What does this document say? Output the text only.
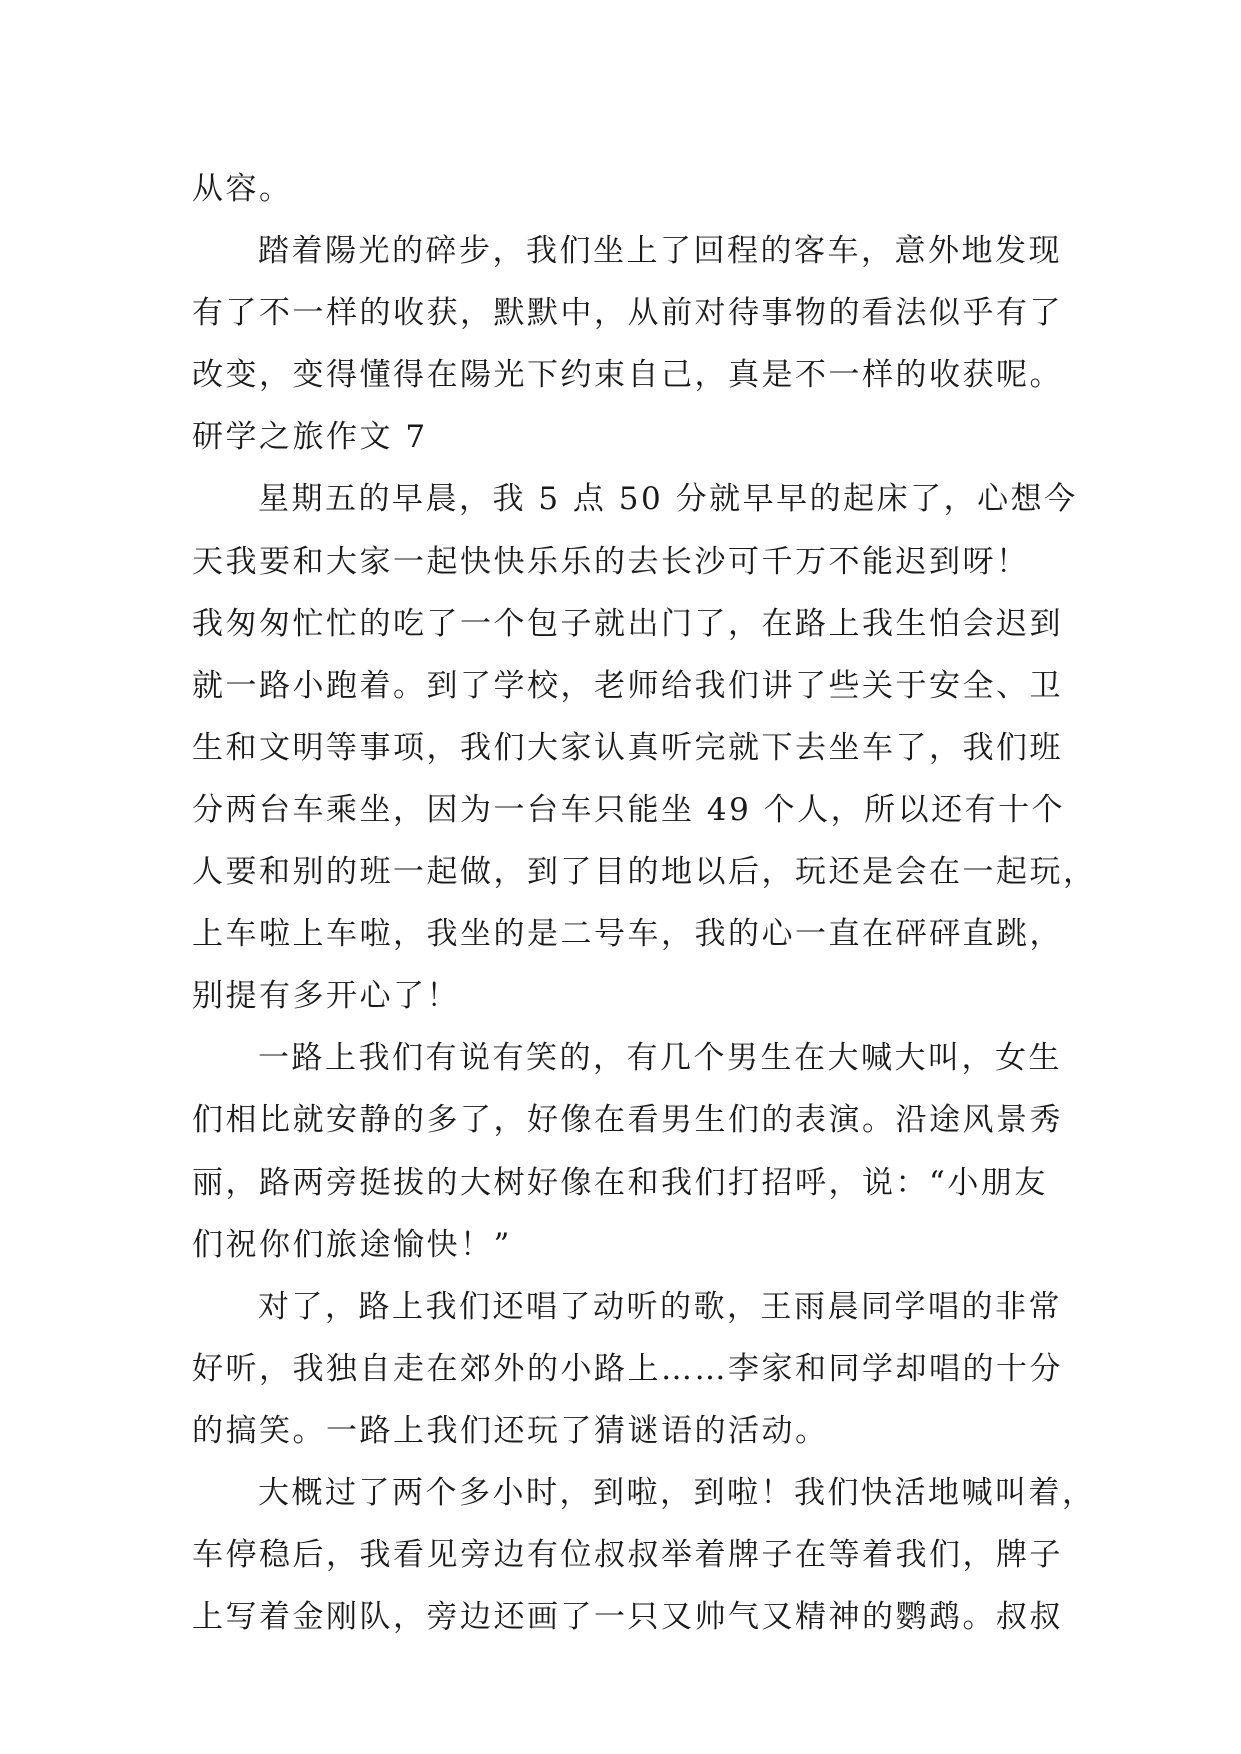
从容。
踏着陽光的碎步，我们坐上了回程的客车，意外地发现
有了不一样的收获，默默中，从前对待事物的看法似乎有了
改变，变得懂得在陽光下约束自己，真是不一样的收获呢。
研学之旅作文 7
星期五的早晨，我 5 点 50 分就早早的起床了，心想今
天我要和大家一起快快乐乐的去长沙可千万不能迟到呀！
我匆匆忙忙的吃了一个包子就出门了，在路上我生怕会迟到
就一路小跑着。到了学校，老师给我们讲了些关于安全、卫
生和文明等事项，我们大家认真听完就下去坐车了，我们班
分两台车乘坐，因为一台车只能坐 49 个人，所以还有十个
人要和别的班一起做，到了目的地以后，玩还是会在一起玩，
上车啦上车啦，我坐的是二号车，我的心一直在砰砰直跳，
别提有多开心了！
一路上我们有说有笑的，有几个男生在大喊大叫，女生
们相比就安静的多了，好像在看男生们的表演。沿途风景秀
丽，路两旁挺拔的大树好像在和我们打招呼，说：“小朋友
们祝你们旅途愉快！”
对了，路上我们还唱了动听的歌，王雨晨同学唱的非常
好听，我独自走在郊外的小路上……李家和同学却唱的十分
的搞笑。一路上我们还玩了猜谜语的活动。
大概过了两个多小时，到啦，到啦！我们快活地喊叫着，
车停稳后，我看见旁边有位叔叔举着牌子在等着我们，牌子
上写着金刚队，旁边还画了一只又帅气又精神的鹦鹉。叔叔
